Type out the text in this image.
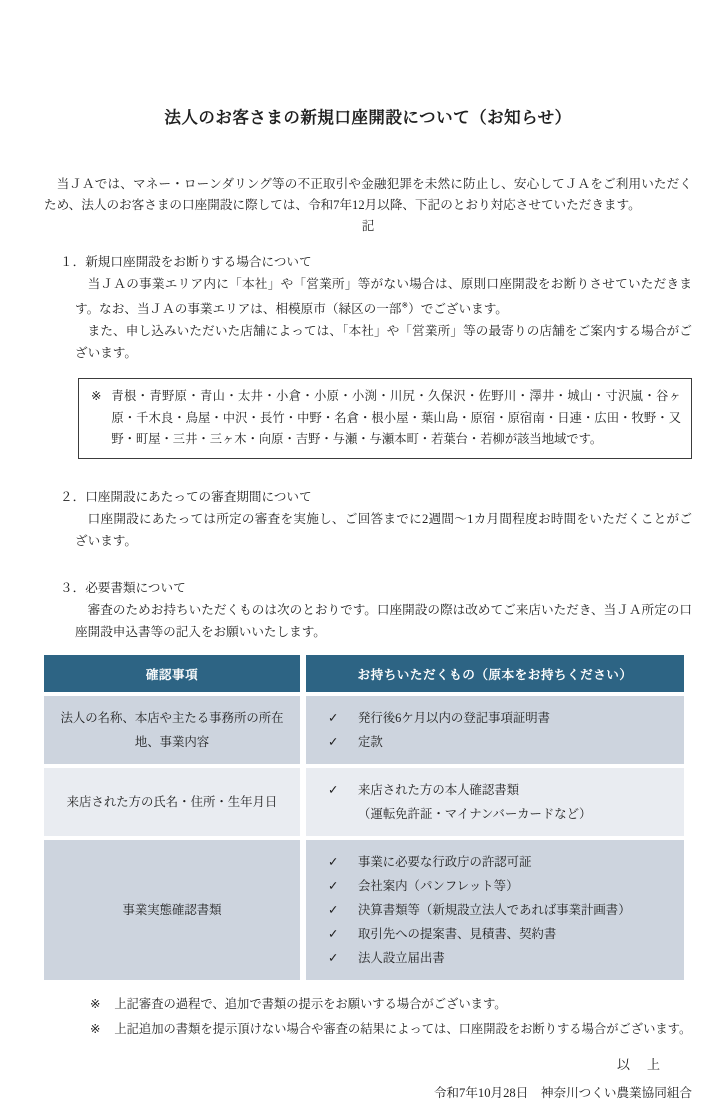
法人のお客さまの新規口座開設について（お知らせ）

当ＪＡでは、マネー・ローンダリング等の不正取引や金融犯罪を未然に防止し、安心してＪＡをご利用いただくため、法人のお客さまの口座開設に際しては、令和7年12月以降、下記のとおり対応させていただきます。

記
１．新規口座開設をお断りする場合について

当ＪＡの事業エリア内に「本社」や「営業所」等がない場合は、原則口座開設をお断りさせていただきます。なお、当ＪＡの事業エリアは、相模原市（緑区の一部※）でございます。

また、申し込みいただいた店舗によっては、「本社」や「営業所」等の最寄りの店舗をご案内する場合がございます。

※ 青根・青野原・青山・太井・小倉・小原・小渕・川尻・久保沢・佐野川・澤井・城山・寸沢嵐・谷ヶ原・千木良・鳥屋・中沢・長竹・中野・名倉・根小屋・葉山島・原宿・原宿南・日連・広田・牧野・又野・町屋・三井・三ヶ木・向原・吉野・与瀬・与瀬本町・若葉台・若柳が該当地域です。
２．口座開設にあたっての審査期間について

口座開設にあたっては所定の審査を実施し、ご回答までに2週間～1カ月間程度お時間をいただくことがございます。

３．必要書類について

審査のためお持ちいただくものは次のとおりです。口座開設の際は改めてご来店いただき、当ＪＡ所定の口座開設申込書等の記入をお願いいたします。

確認事項	お持ちいただくもの（原本をお持ちください）
法人の名称、本店や主たる事務所の所在地、事業内容
✓	発行後6ケ月以内の登記事項証明書
✓	定款
来店された方の氏名・住所・生年月日
✓	来店された方の本人確認書類
（運転免許証・マイナンバーカードなど）
事業実態確認書類
✓	事業に必要な行政庁の許認可証
✓	会社案内（パンフレット等）
✓	決算書類等（新規設立法人であれば事業計画書）
✓	取引先への提案書、見積書、契約書
✓	法人設立届出書
※ 上記審査の過程で、追加で書類の提示をお願いする場合がございます。
※ 上記追加の書類を提示頂けない場合や審査の結果によっては、口座開設をお断りする場合がございます。
以　上
令和7年10月28日　神奈川つくい農業協同組合
